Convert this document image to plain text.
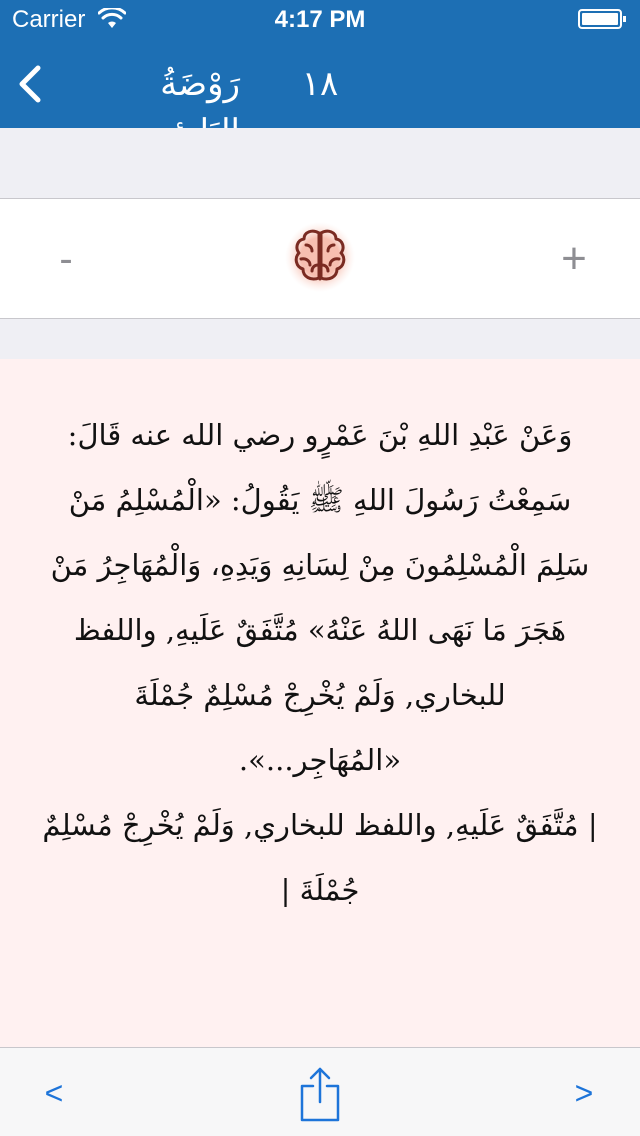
Carrier	4:17 PM
رَوْضَةُ	١٨
-	+

وَعَنْ عَبْدِ اللهِ بْنَ عَمْرٍو رضي الله عنه قَالَ:

سَمِعْتُ رَسُولَ اللهِ ﷺ يَقُولُ: «الْمُسْلِمُ مَنْ

سَلِمَ الْمُسْلِمُونَ مِنْ لِسَانِهِ وَيَدِهِ، وَالْمُهَاجِرُ مَنْ

هَجَرَ مَا نَهَى اللهُ عَنْهُ» مُتَّفَقٌ عَلَيهِ, واللفظ

للبخاري, وَلَمْ يُخْرِجْ مُسْلِمٌ جُمْلَةَ

«المُهَاجِر...».

| مُتَّفَقٌ عَلَيهِ, واللفظ للبخاري, وَلَمْ يُخْرِجْ مُسْلِمٌ

جُمْلَةَ |

<	>
